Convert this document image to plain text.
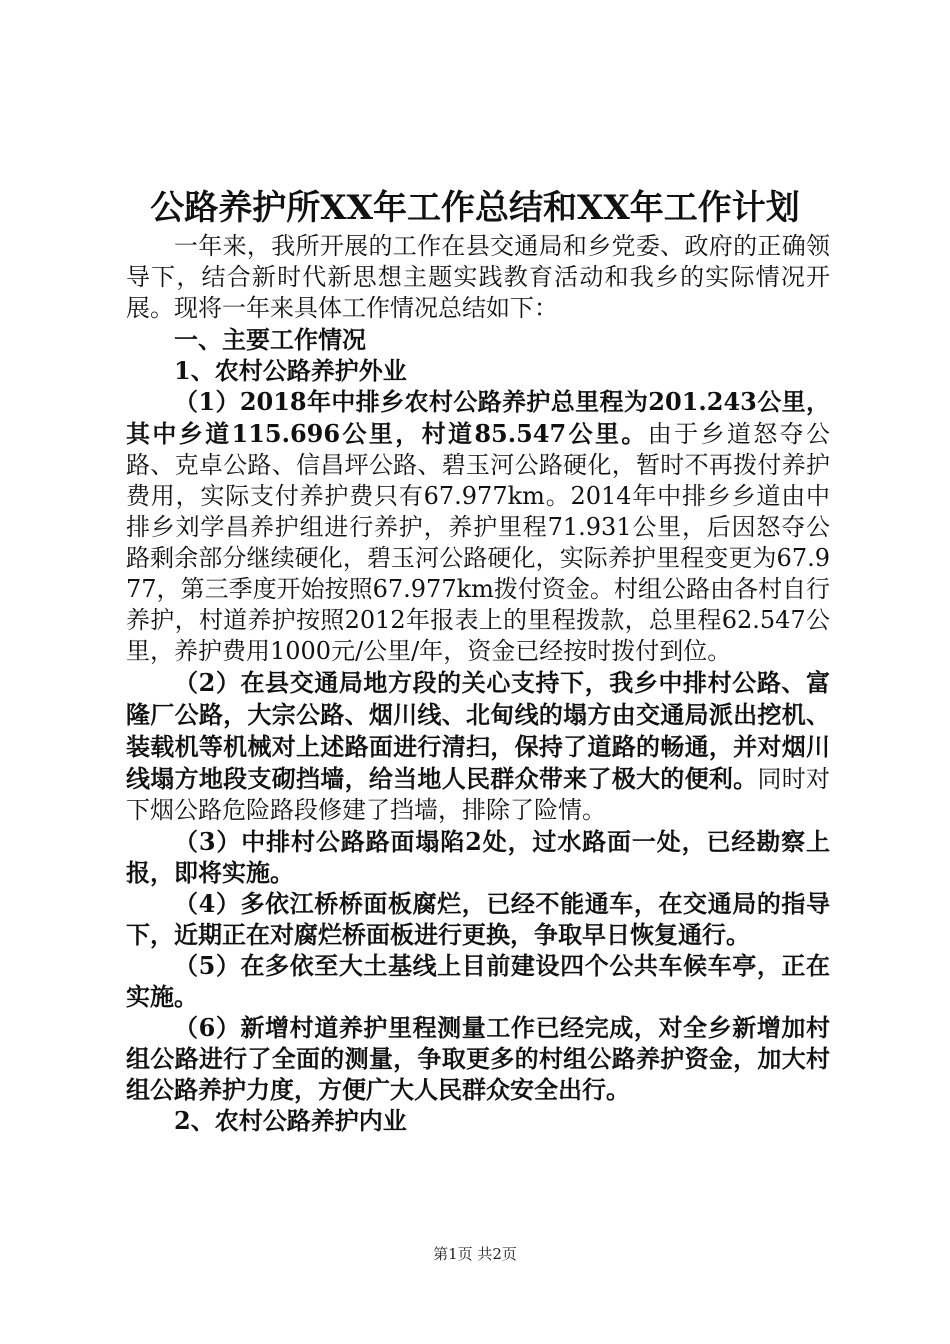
公路养护所XX年工作总结和XX年工作计划

一年来，我所开展的工作在县交通局和乡党委、政府的正确领导下，结合新时代新思想主题实践教育活动和我乡的实际情况开展。现将一年来具体工作情况总结如下：

一、主要工作情况

1、农村公路养护外业

（1）2018年中排乡农村公路养护总里程为201.243公里，其中乡道115.696公里，村道85.547公里。由于乡道怒夺公路、克卓公路、信昌坪公路、碧玉河公路硬化，暂时不再拨付养护费用，实际支付养护费只有67.977km。2014年中排乡乡道由中排乡刘学昌养护组进行养护，养护里程71.931公里，后因怒夺公路剩余部分继续硬化，碧玉河公路硬化，实际养护里程变更为67.977，第三季度开始按照67.977km拨付资金。村组公路由各村自行养护，村道养护按照2012年报表上的里程拨款，总里程62.547公里，养护费用1000元/公里/年，资金已经按时拨付到位。

（2）在县交通局地方段的关心支持下，我乡中排村公路、富隆厂公路，大宗公路、烟川线、北甸线的塌方由交通局派出挖机、装载机等机械对上述路面进行清扫，保持了道路的畅通，并对烟川线塌方地段支砌挡墙，给当地人民群众带来了极大的便利。同时对下烟公路危险路段修建了挡墙，排除了险情。

（3）中排村公路路面塌陷2处，过水路面一处，已经勘察上报，即将实施。

（4）多依江桥桥面板腐烂，已经不能通车，在交通局的指导下，近期正在对腐烂桥面板进行更换，争取早日恢复通行。

（5）在多依至大土基线上目前建设四个公共车候车亭，正在实施。

（6）新增村道养护里程测量工作已经完成，对全乡新增加村组公路进行了全面的测量，争取更多的村组公路养护资金，加大村组公路养护力度，方便广大人民群众安全出行。

2、农村公路养护内业

第1页 共2页
